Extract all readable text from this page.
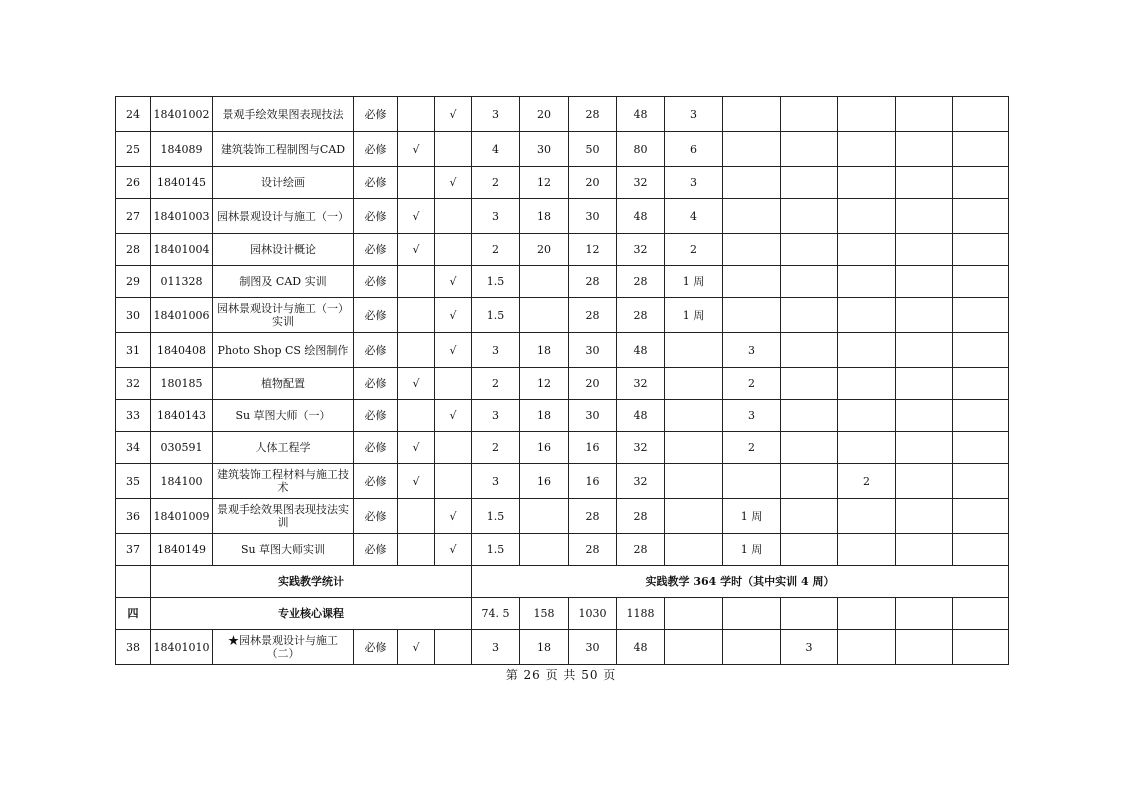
24	18401002	景观手绘效果图表现技法	必修		√	3	20	28	48	3					
25	184089	建筑装饰工程制图与CAD	必修	√		4	30	50	80	6					
26	1840145	设计绘画	必修		√	2	12	20	32	3					
27	18401003	园林景观设计与施工（一）	必修	√		3	18	30	48	4					
28	18401004	园林设计概论	必修	√		2	20	12	32	2					
29	011328	制图及 CAD 实训	必修		√	1.5		28	28	1 周					
30	18401006	园林景观设计与施工（一）实训	必修		√	1.5		28	28	1 周					
31	1840408	Photo Shop CS 绘图制作	必修		√	3	18	30	48		3				
32	180185	植物配置	必修	√		2	12	20	32		2				
33	1840143	Su 草图大师（一）	必修		√	3	18	30	48		3				
34	030591	人体工程学	必修	√		2	16	16	32		2				
35	184100	建筑装饰工程材料与施工技术	必修	√		3	16	16	32				2		
36	18401009	景观手绘效果图表现技法实训	必修		√	1.5		28	28		1 周				
37	1840149	Su 草图大师实训	必修		√	1.5		28	28		1 周				
	实践教学统计					实践教学 364 学时（其中实训 4 周）									
四	专业核心课程					74. 5	158	1030	1188						
38	18401010	★园林景观设计与施工（二）	必修	√		3	18	30	48			3			
第 26 页 共 50 页
